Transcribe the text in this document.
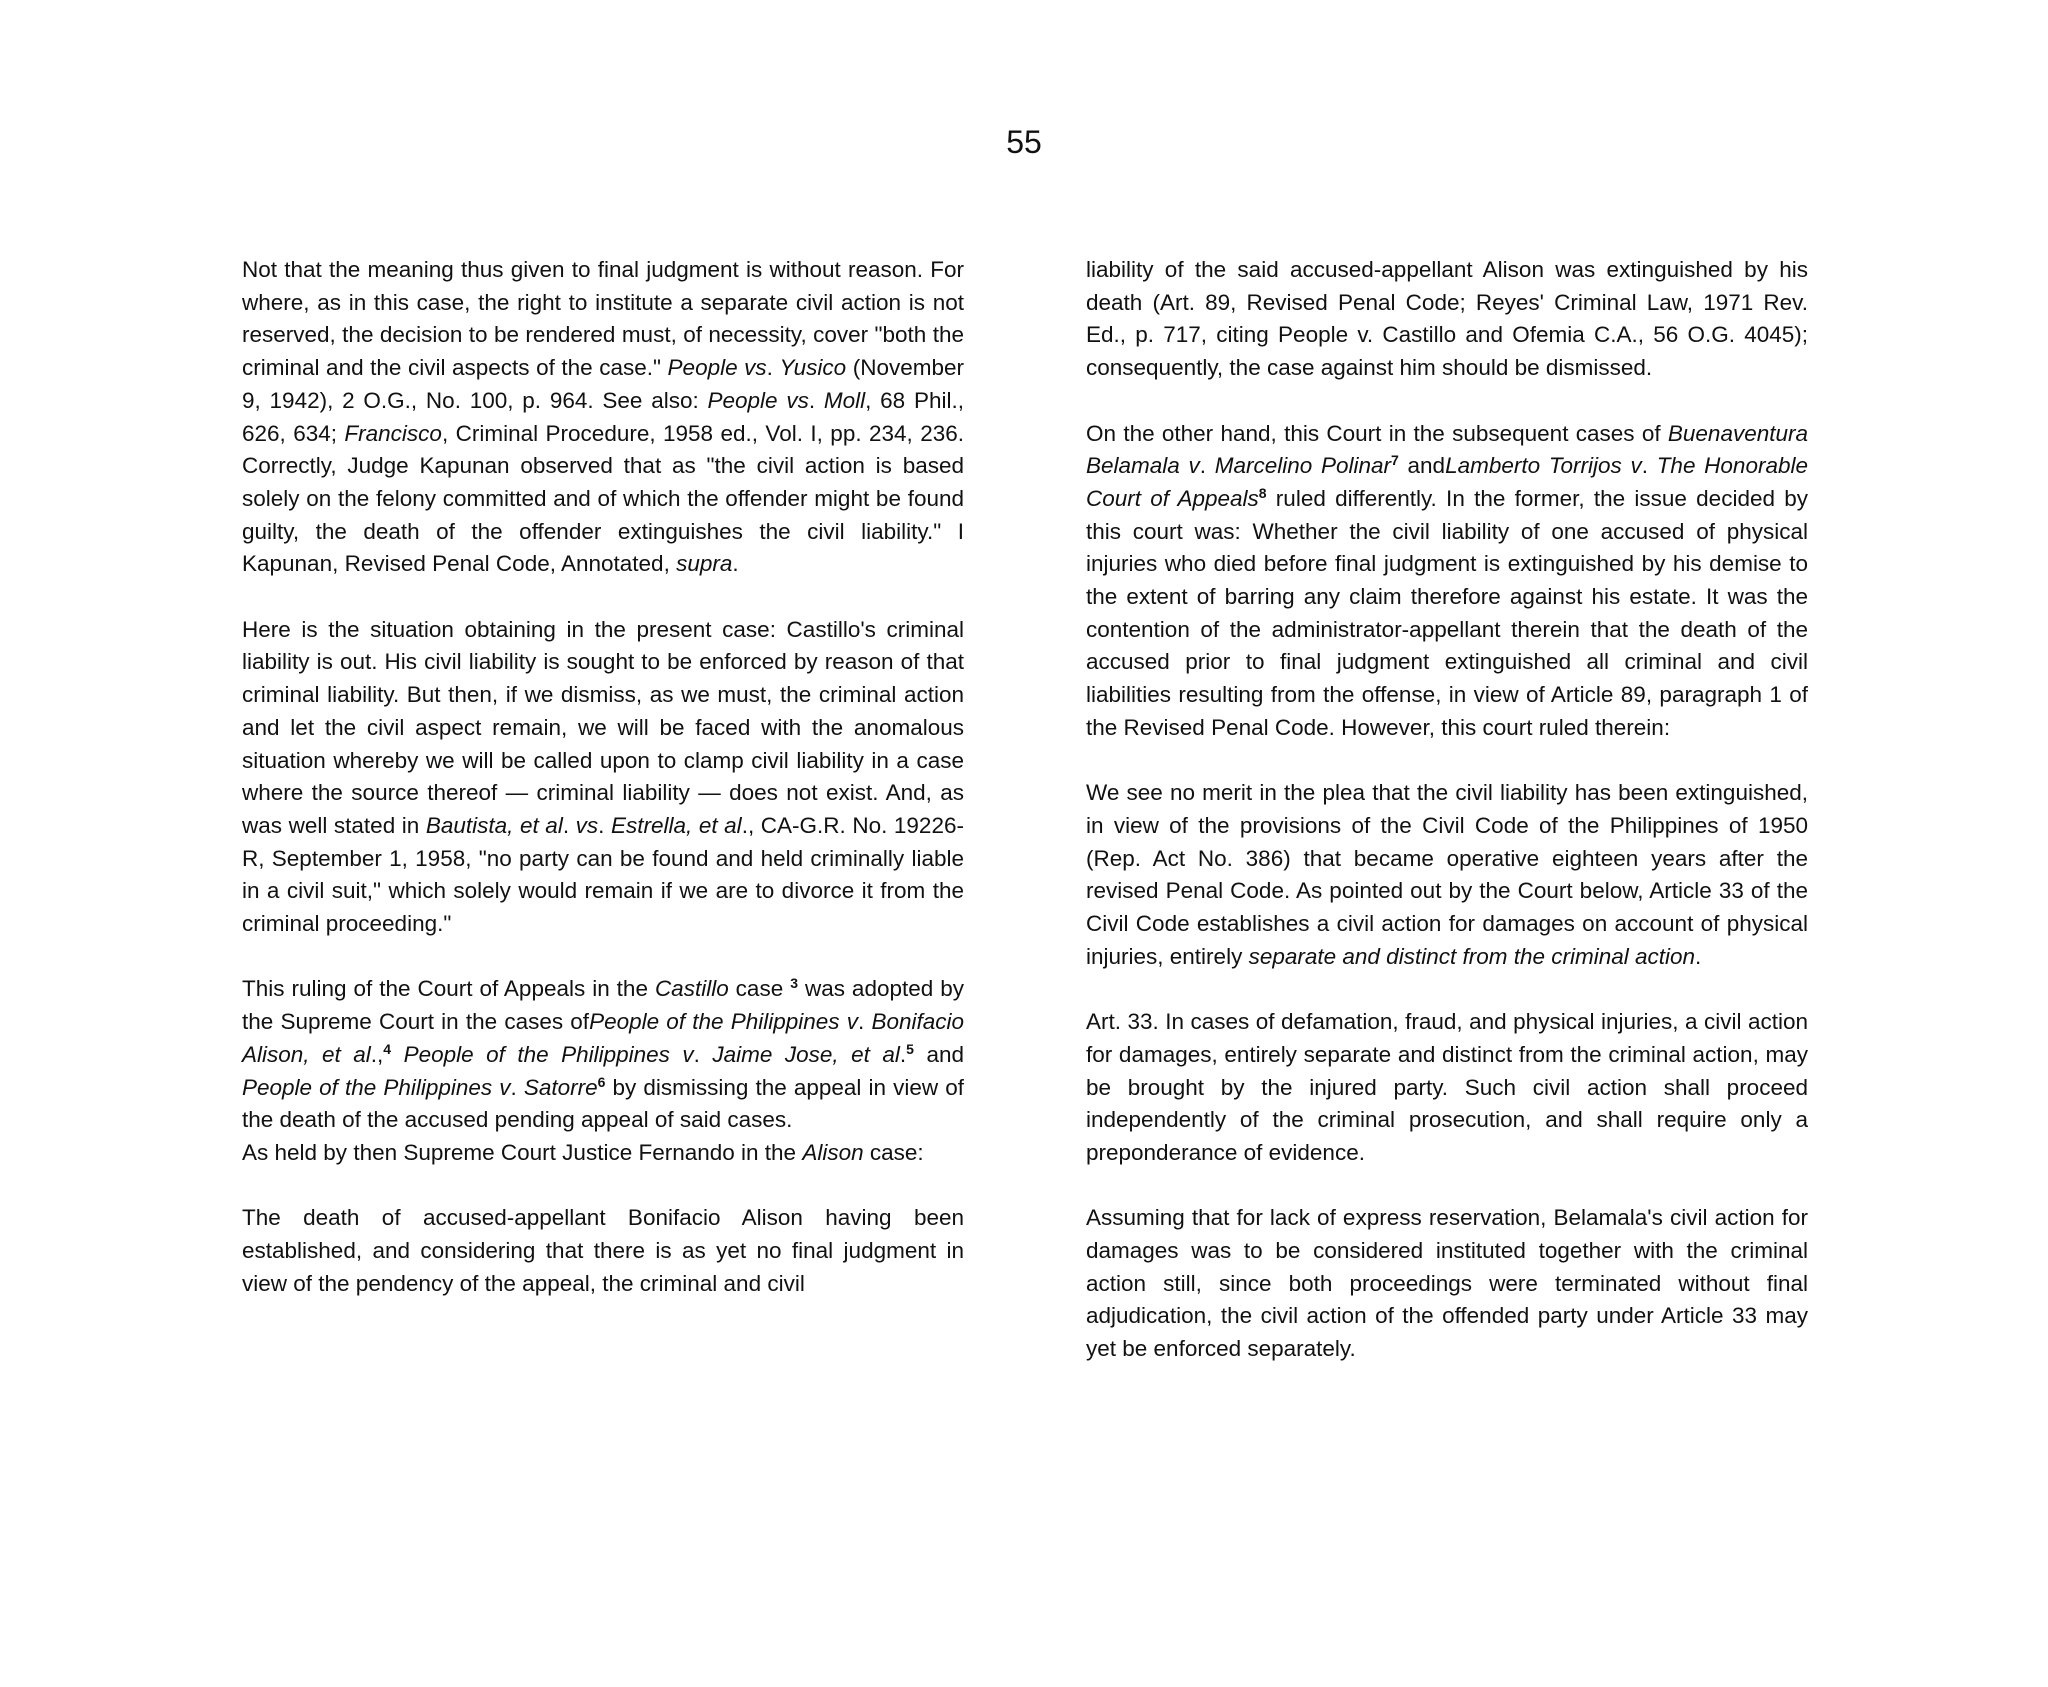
55

Not that the meaning thus given to final judgment is without reason. For where, as in this case, the right to institute a separate civil action is not reserved, the decision to be rendered must, of necessity, cover "both the criminal and the civil aspects of the case." People vs. Yusico (November 9, 1942), 2 O.G., No. 100, p. 964. See also: People vs. Moll, 68 Phil., 626, 634; Francisco, Criminal Procedure, 1958 ed., Vol. I, pp. 234, 236. Correctly, Judge Kapunan observed that as "the civil action is based solely on the felony committed and of which the offender might be found guilty, the death of the offender extinguishes the civil liability." I Kapunan, Revised Penal Code, Annotated, supra.

Here is the situation obtaining in the present case: Castillo's criminal liability is out. His civil liability is sought to be enforced by reason of that criminal liability. But then, if we dismiss, as we must, the criminal action and let the civil aspect remain, we will be faced with the anomalous situation whereby we will be called upon to clamp civil liability in a case where the source thereof — criminal liability — does not exist. And, as was well stated in Bautista, et al. vs. Estrella, et al., CA-G.R. No. 19226-R, September 1, 1958, "no party can be found and held criminally liable in a civil suit," which solely would remain if we are to divorce it from the criminal proceeding."

This ruling of the Court of Appeals in the Castillo case $^3$ was adopted by the Supreme Court in the cases ofPeople of the Philippines v. Bonifacio Alison, et al.,$^4$ People of the Philippines v. Jaime Jose, et al.$^5$ and People of the Philippines v. Satorre$^6$ by dismissing the appeal in view of the death of the accused pending appeal of said cases.

As held by then Supreme Court Justice Fernando in the Alison case:

The death of accused-appellant Bonifacio Alison having been established, and considering that there is as yet no final judgment in view of the pendency of the appeal, the criminal and civil

liability of the said accused-appellant Alison was extinguished by his death (Art. 89, Revised Penal Code; Reyes' Criminal Law, 1971 Rev. Ed., p. 717, citing People v. Castillo and Ofemia C.A., 56 O.G. 4045); consequently, the case against him should be dismissed.

On the other hand, this Court in the subsequent cases of Buenaventura Belamala v. Marcelino Polinar$^7$ andLamberto Torrijos v. The Honorable Court of Appeals$^8$ ruled differently. In the former, the issue decided by this court was: Whether the civil liability of one accused of physical injuries who died before final judgment is extinguished by his demise to the extent of barring any claim therefore against his estate. It was the contention of the administrator-appellant therein that the death of the accused prior to final judgment extinguished all criminal and civil liabilities resulting from the offense, in view of Article 89, paragraph 1 of the Revised Penal Code. However, this court ruled therein:

We see no merit in the plea that the civil liability has been extinguished, in view of the provisions of the Civil Code of the Philippines of 1950 (Rep. Act No. 386) that became operative eighteen years after the revised Penal Code. As pointed out by the Court below, Article 33 of the Civil Code establishes a civil action for damages on account of physical injuries, entirely separate and distinct from the criminal action.

Art. 33. In cases of defamation, fraud, and physical injuries, a civil action for damages, entirely separate and distinct from the criminal action, may be brought by the injured party. Such civil action shall proceed independently of the criminal prosecution, and shall require only a preponderance of evidence.

Assuming that for lack of express reservation, Belamala's civil action for damages was to be considered instituted together with the criminal action still, since both proceedings were terminated without final adjudication, the civil action of the offended party under Article 33 may yet be enforced separately.
